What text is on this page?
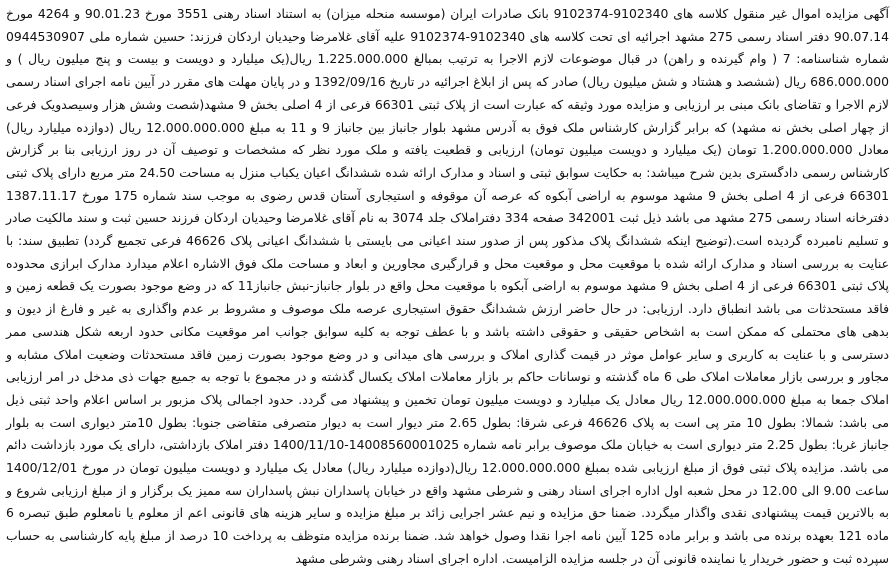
آگهی مزایده اموال غیر منقول کلاسه های 9102340-9102374 بانک صادرات ایران (موسسه منحله میزان) به استناد اسناد رهنی 3551 مورخ 90.01.23 و 4264 مورخ 90.07.14 دفتر اسناد رسمی 275 مشهد اجرائیه ای تحت کلاسه های 9102340-9102374 علیه آقای غلامرضا وحیدیان اردکان فرزند: حسین شماره ملی 0944530907 شماره شناسنامه: 7 ( وام گیرنده و راهن) در قبال موضوعات لازم الاجرا به ترتیب بمبالغ 1.225.000.000 ریال(یک میلیارد و دویست و بیست و پنج میلیون ریال ) و 686.000.000 ریال (ششصد و هشتاد و شش میلیون ریال) صادر که پس از ابلاغ اجرائیه در تاریخ 1392/09/16 و در پایان مهلت های مقرر در آیین نامه اجرای اسناد رسمی لازم الاجرا و تقاضای بانک مبنی بر ارزیابی و مزایده مورد وثیقه که عبارت است از پلاک ثبتی 66301 فرعی از 4 اصلی بخش 9 مشهد(شصت وشش هزار وسیصدویک فرعی از چهار اصلی بخش نه مشهد) که برابر گزارش کارشناس ملک فوق به آدرس مشهد بلوار جانباز بین جانباز 9 و 11 به مبلغ 12.000.000.000 ریال (دوازده میلیارد ریال) معادل 1.200.000.000 تومان (یک میلیارد و دویست میلیون تومان) ارزیابی و قطعیت یافته و ملک مورد نظر که مشخصات و توصیف آن در روز ارزیابی بنا بر گزارش کارشناس رسمی دادگستری بدین شرح میباشد: به حکایت سوابق ثبتی و اسناد و مدارک ارائه شده ششدانگ اعیان یکباب منزل به مساحت 24.50 متر مربع دارای پلاک ثبتی 66301 فرعی از 4 اصلی بخش 9 مشهد موسوم به اراضی آبکوه که عرصه آن موقوفه و استیجاری آستان قدس رضوی به موجب سند شماره 175 مورخ 1387.11.17 دفترخانه اسناد رسمی 275 مشهد می باشد ذیل ثبت 342001 صفحه 334 دفتراملاک جلد 3074 به نام آقای غلامرضا وحیدیان اردکان فرزند حسین ثبت و سند مالکیت صادر و تسلیم نامبرده گردیده است.(توضیح اینکه ششدانگ پلاک مذکور پس از صدور سند اعیانی می بایستی با ششدانگ اعیانی پلاک 46626 فرعی تجمیع گردد) تطبیق سند: با عنایت به بررسی اسناد و مدارک ارائه شده با موقعیت محل و موقعیت محل و قرارگیری مجاورین و ابعاد و مساحت ملک فوق الاشاره اعلام میدارد مدارک ابرازی محدوده پلاک ثبتی 66301 فرعی از 4 اصلی بخش 9 مشهد موسوم به اراضی آبکوه با موقعیت محل واقع در بلوار جانباز-نبش جانباز11 که در وضع موجود بصورت یک قطعه زمین و فاقد مستحدثات می باشد انطباق دارد. ارزیابی: در حال حاضر ارزش ششدانگ حقوق استیجاری عرصه ملک موصوف و مشروط بر عدم واگذاری به غیر و فارغ از دیون و بدهی های محتملی که ممکن است به اشخاص حقیقی و حقوقی داشته باشد و با عطف توجه به کلیه سوابق جوانب امر موقعیت مکانی حدود اربعه شکل هندسی ممر دسترسی و با عنایت به کاربری و سایر عوامل موثر در قیمت گذاری املاک و بررسی های میدانی و در وضع موجود بصورت زمین فاقد مستحدثات وضعیت املاک مشابه و مجاور و بررسی بازار معاملات املاک طی 6 ماه گذشته و نوسانات حاکم بر بازار معاملات املاک یکسال گذشته و در مجموع با توجه به جمیع جهات ذی مدخل در امر ارزیابی املاک جمعا به مبلغ 12.000.000.000 ریال معادل یک میلیارد و دویست میلیون تومان تخمین و پیشنهاد می گردد. حدود اجمالی پلاک مزبور بر اساس اعلام واحد ثبتی ذیل می باشد: شمالا: بطول 10 متر پی است به پلاک 46626 فرعی شرقا: بطول 2.65 متر دیوار است به دیوار متصرفی متقاضی جنوبا: بطول 10متر دیواری است به بلوار جانباز غربا: بطول 2.25 متر دیواری است به خیابان ملک موصوف برابر نامه شماره 14008560001025-1400/11/10 دفتر املاک بازداشتی، دارای یک مورد بازداشت دائم می باشد. مزایده پلاک ثبتی فوق از مبلغ ارزیابی شده بمبلغ 12.000.000.000 ریال(دوازده میلیارد ریال) معادل یک میلیارد و دویست میلیون تومان در مورخ 1400/12/01 ساعت 9.00 الی 12.00 در محل شعبه اول اداره اجرای اسناد رهنی و شرطی مشهد واقع در خیابان پاسداران نبش پاسداران سه ممیز یک برگزار و از مبلغ ارزیابی شروع و به بالاترین قیمت پیشنهادی نقدی واگذار میگردد. ضمنا حق مزایده و نیم عشر اجرایی زائد بر مبلغ مزایده و سایر هزینه های قانونی اعم از معلوم یا نامعلوم طبق تبصره 6 ماده 121 بعهده برنده می باشد و برابر ماده 125 آیین نامه اجرا نقدا وصول خواهد شد. ضمنا برنده مزایده متوظف به پرداخت 10 درصد از مبلغ پایه کارشناسی به حساب سپرده ثبت و حضور خریدار یا نماینده قانونی آن در جلسه مزایده الزامیست. اداره اجرای اسناد رهنی وشرطی مشهد
